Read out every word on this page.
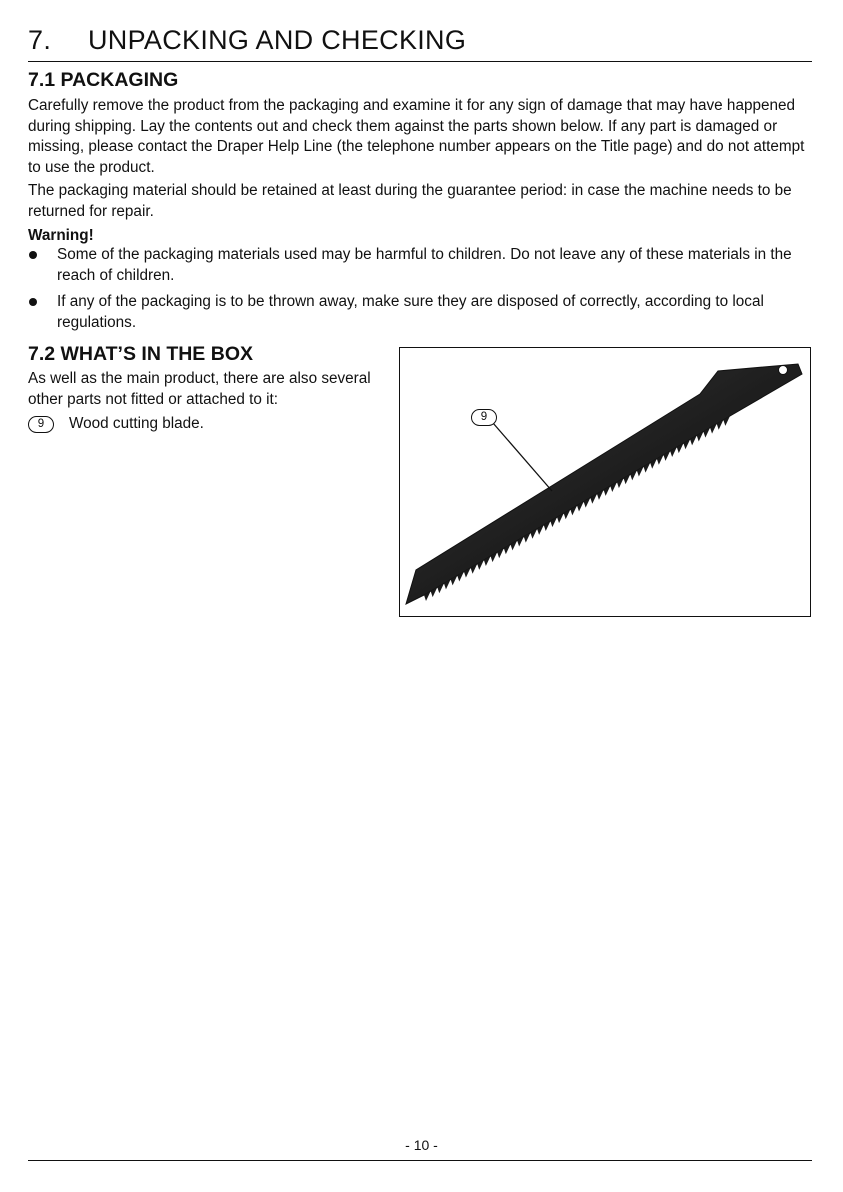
7. UNPACKING AND CHECKING
7.1 PACKAGING

Carefully remove the product from the packaging and examine it for any sign of damage that may have happened during shipping. Lay the contents out and check them against the parts shown below. If any part is damaged or missing, please contact the Draper Help Line (the telephone number appears on the Title page) and do not attempt to use the product.

The packaging material should be retained at least during the guarantee period: in case the machine needs to be returned for repair.

Warning!
Some of the packaging materials used may be harmful to children. Do not leave any of these materials in the reach of children.
If any of the packaging is to be thrown away, make sure they are disposed of correctly, according to local regulations.
7.2 WHAT’S IN THE BOX
As well as the main product, there are also several other parts not fitted or attached to it:
9	Wood cutting blade.	9
- 10 -
